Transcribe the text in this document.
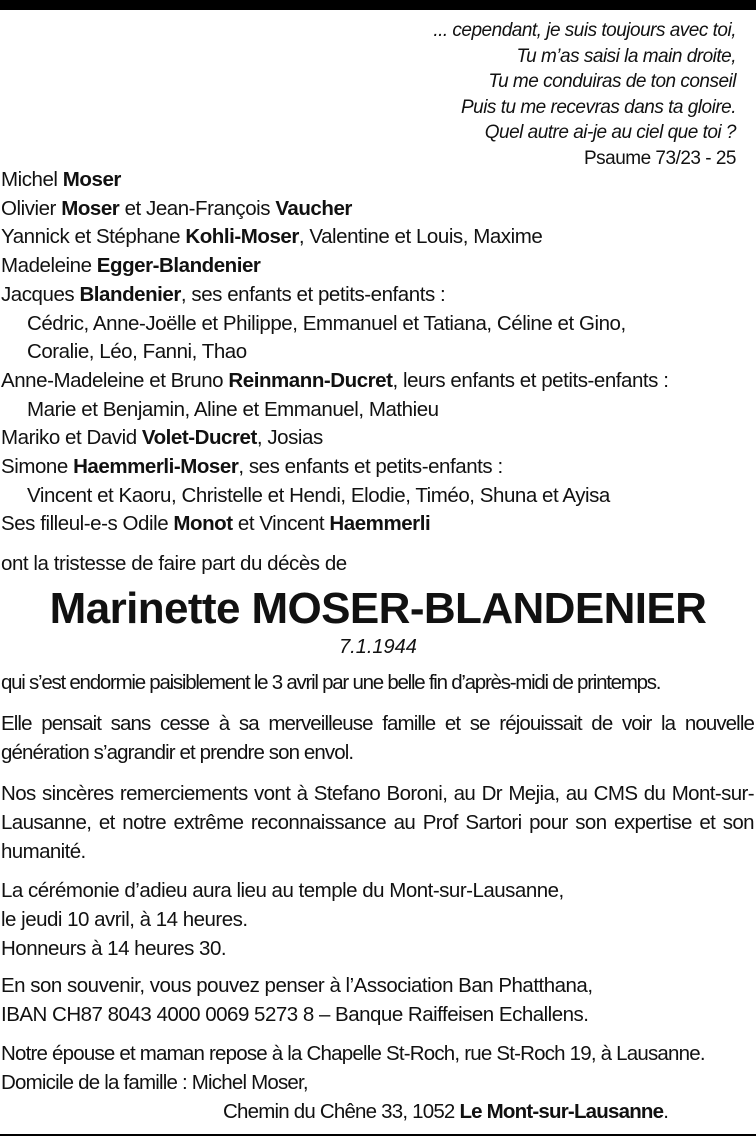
... cependant, je suis toujours avec toi,
Tu m’as saisi la main droite,
Tu me conduiras de ton conseil
Puis tu me recevras dans ta gloire.
Quel autre ai-je au ciel que toi ?
Psaume 73/23 - 25
Michel Moser
Olivier Moser et Jean-François Vaucher
Yannick et Stéphane Kohli-Moser, Valentine et Louis, Maxime
Madeleine Egger-Blandenier
Jacques Blandenier, ses enfants et petits-enfants :
Cédric, Anne-Joëlle et Philippe, Emmanuel et Tatiana, Céline et Gino,
Coralie, Léo, Fanni, Thao
Anne-Madeleine et Bruno Reinmann-Ducret, leurs enfants et petits-enfants :
Marie et Benjamin, Aline et Emmanuel, Mathieu
Mariko et David Volet-Ducret, Josias
Simone Haemmerli-Moser, ses enfants et petits-enfants :
Vincent et Kaoru, Christelle et Hendi, Elodie, Timéo, Shuna et Ayisa
Ses filleul-e-s Odile Monot et Vincent Haemmerli
ont la tristesse de faire part du décès de
Marinette MOSER-BLANDENIER
7.1.1944
qui s’est endormie paisiblement le 3 avril par une belle fin d’après-midi de printemps.
Elle pensait sans cesse à sa merveilleuse famille et se réjouissait de voir la nouvelle génération s’agrandir et prendre son envol.
Nos sincères remerciements vont à Stefano Boroni, au Dr Mejia, au CMS du Mont-sur-Lausanne, et notre extrême reconnaissance au Prof Sartori pour son expertise et son humanité.
La cérémonie d’adieu aura lieu au temple du Mont-sur-Lausanne,
le jeudi 10 avril, à 14 heures.
Honneurs à 14 heures 30.
En son souvenir, vous pouvez penser à l’Association Ban Phatthana,
IBAN CH87 8043 4000 0069 5273 8 – Banque Raiffeisen Echallens.
Notre épouse et maman repose à la Chapelle St-Roch, rue St-Roch 19, à Lausanne.
Domicile de la famille : Michel Moser,
Chemin du Chêne 33, 1052 Le Mont-sur-Lausanne.
